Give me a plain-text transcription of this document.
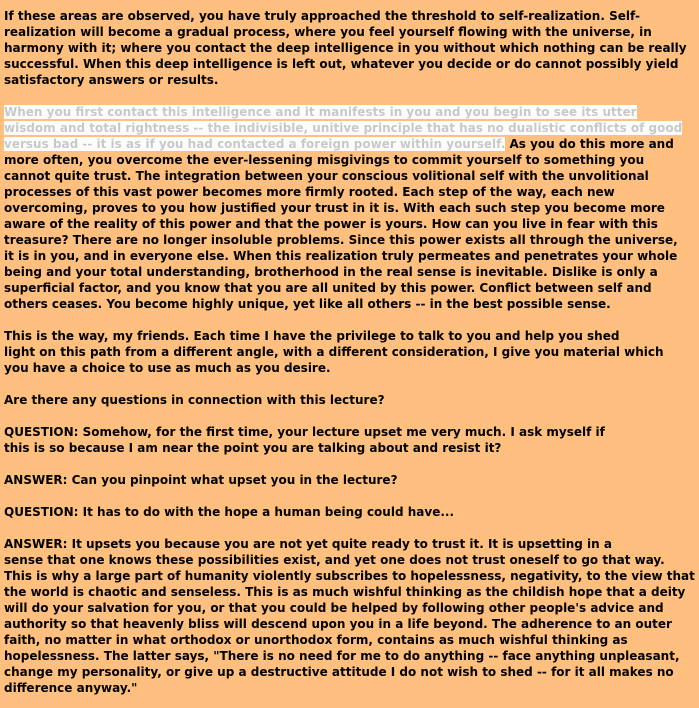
If these areas are observed, you have truly approached the threshold to self-realization. Self-
realization will become a gradual process, where you feel yourself flowing with the universe, in
harmony with it; where you contact the deep intelligence in you without which nothing can be really
successful. When this deep intelligence is left out, whatever you decide or do cannot possibly yield
satisfactory answers or results.

When you first contact this intelligence and it manifests in you and you begin to see its utter
wisdom and total rightness -- the indivisible, unitive principle that has no dualistic conflicts of good
versus bad -- it is as if you had contacted a foreign power within yourself. As you do this more and
more often, you overcome the ever-lessening misgivings to commit yourself to something you
cannot quite trust. The integration between your conscious volitional self with the unvolitional
processes of this vast power becomes more firmly rooted. Each step of the way, each new
overcoming, proves to you how justified your trust in it is. With each such step you become more
aware of the reality of this power and that the power is yours. How can you live in fear with this
treasure? There are no longer insoluble problems. Since this power exists all through the universe,
it is in you, and in everyone else. When this realization truly permeates and penetrates your whole
being and your total understanding, brotherhood in the real sense is inevitable. Dislike is only a
superficial factor, and you know that you are all united by this power. Conflict between self and
others ceases. You become highly unique, yet like all others -- in the best possible sense.

This is the way, my friends. Each time I have the privilege to talk to you and help you shed
light on this path from a different angle, with a different consideration, I give you material which
you have a choice to use as much as you desire.

Are there any questions in connection with this lecture?

QUESTION: Somehow, for the first time, your lecture upset me very much. I ask myself if
this is so because I am near the point you are talking about and resist it?

ANSWER: Can you pinpoint what upset you in the lecture?

QUESTION: It has to do with the hope a human being could have...

ANSWER: It upsets you because you are not yet quite ready to trust it. It is upsetting in a
sense that one knows these possibilities exist, and yet one does not trust oneself to go that way.
This is why a large part of humanity violently subscribes to hopelessness, negativity, to the view that
the world is chaotic and senseless. This is as much wishful thinking as the childish hope that a deity
will do your salvation for you, or that you could be helped by following other people's advice and
authority so that heavenly bliss will descend upon you in a life beyond. The adherence to an outer
faith, no matter in what orthodox or unorthodox form, contains as much wishful thinking as
hopelessness. The latter says, "There is no need for me to do anything -- face anything unpleasant,
change my personality, or give up a destructive attitude I do not wish to shed -- for it all makes no
difference anyway."
